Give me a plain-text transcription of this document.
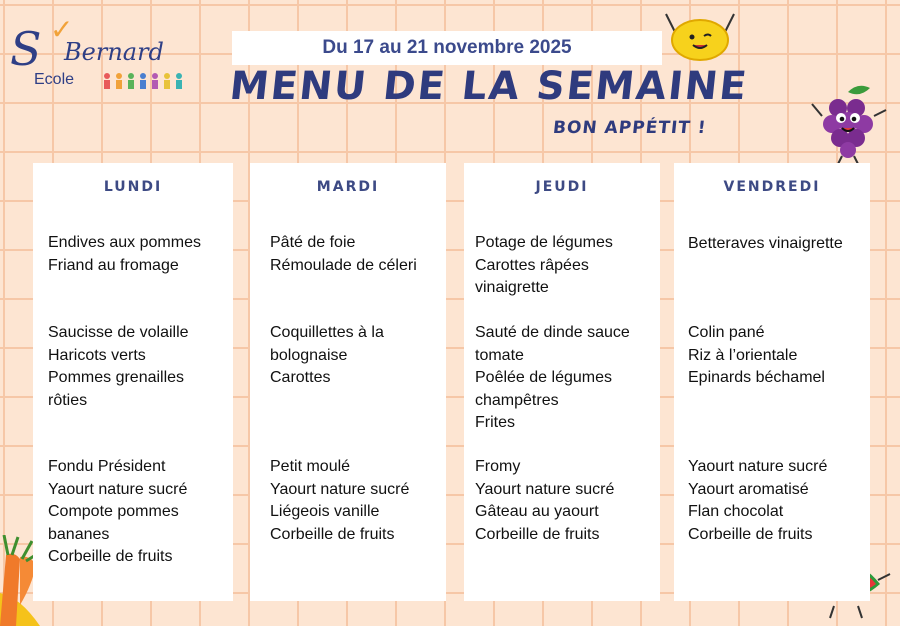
S ✓
Bernard
Ecole
Du 17 au 21 novembre 2025
MENU DE LA SEMAINE
BON APPÉTIT !
LUNDI
Endives aux pommes
Friand au fromage
Saucisse de volaille
Haricots verts
Pommes grenailles
rôties
Fondu Président
Yaourt nature sucré
Compote pommes
bananes
Corbeille de fruits
MARDI
Pâté de foie
Rémoulade de céleri
Coquillettes à la
bolognaise
Carottes
Petit moulé
Yaourt nature sucré
Liégeois vanille
Corbeille de fruits
JEUDI
Potage de légumes
Carottes râpées
vinaigrette
Sauté de dinde sauce
tomate
Poêlée de légumes
champêtres
Frites
Fromy
Yaourt nature sucré
Gâteau au yaourt
Corbeille de fruits
VENDREDI
Betteraves vinaigrette
Colin pané
Riz à l’orientale
Epinards béchamel
Yaourt nature sucré
Yaourt aromatisé
Flan chocolat
Corbeille de fruits
